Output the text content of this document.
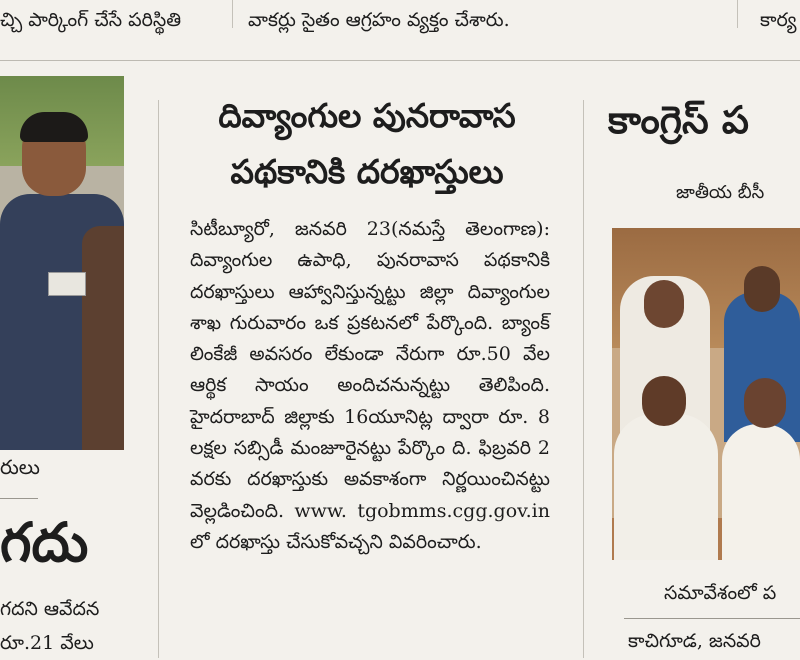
చ్చి పార్కింగ్ చేసే పరిస్థితి	వాకర్లు సైతం ఆగ్రహం వ్యక్తం చేశారు.	కార్య
రులు
గదు
గదని ఆవేదన
రూ.21 వేలు
దివ్యాంగుల పునరావాస
పథకానికి దరఖాస్తులు
సిటీబ్యూరో, జనవరి 23(నమస్తే తెలంగాణ): దివ్యాంగుల ఉపాధి, పునరావాస పథకానికి దరఖాస్తులు ఆహ్వానిస్తున్నట్టు జిల్లా దివ్యాంగుల శాఖ గురువారం ఒక ప్రకటనలో పేర్కొంది. బ్యాంక్ లింకేజీ అవసరం లేకుండా నేరుగా రూ.50 వేల ఆర్థిక సాయం అందిచనున్నట్టు తెలిపింది. హైదరాబాద్ జిల్లాకు 16యూనిట్ల ద్వారా రూ. 8 లక్షల సబ్సిడీ మంజూరైనట్టు పేర్కొం ది. ఫిబ్రవరి 2 వరకు దరఖాస్తుకు అవకాశంగా నిర్ణయించినట్టు వెల్లడించింది. www. tgobmms.cgg.gov.in లో దరఖాస్తు చేసుకోవచ్చని వివరించారు.
కాంగ్రెస్ ప
జాతీయ బీసీ
సమావేశంలో ప
కాచిగూడ, జనవరి
